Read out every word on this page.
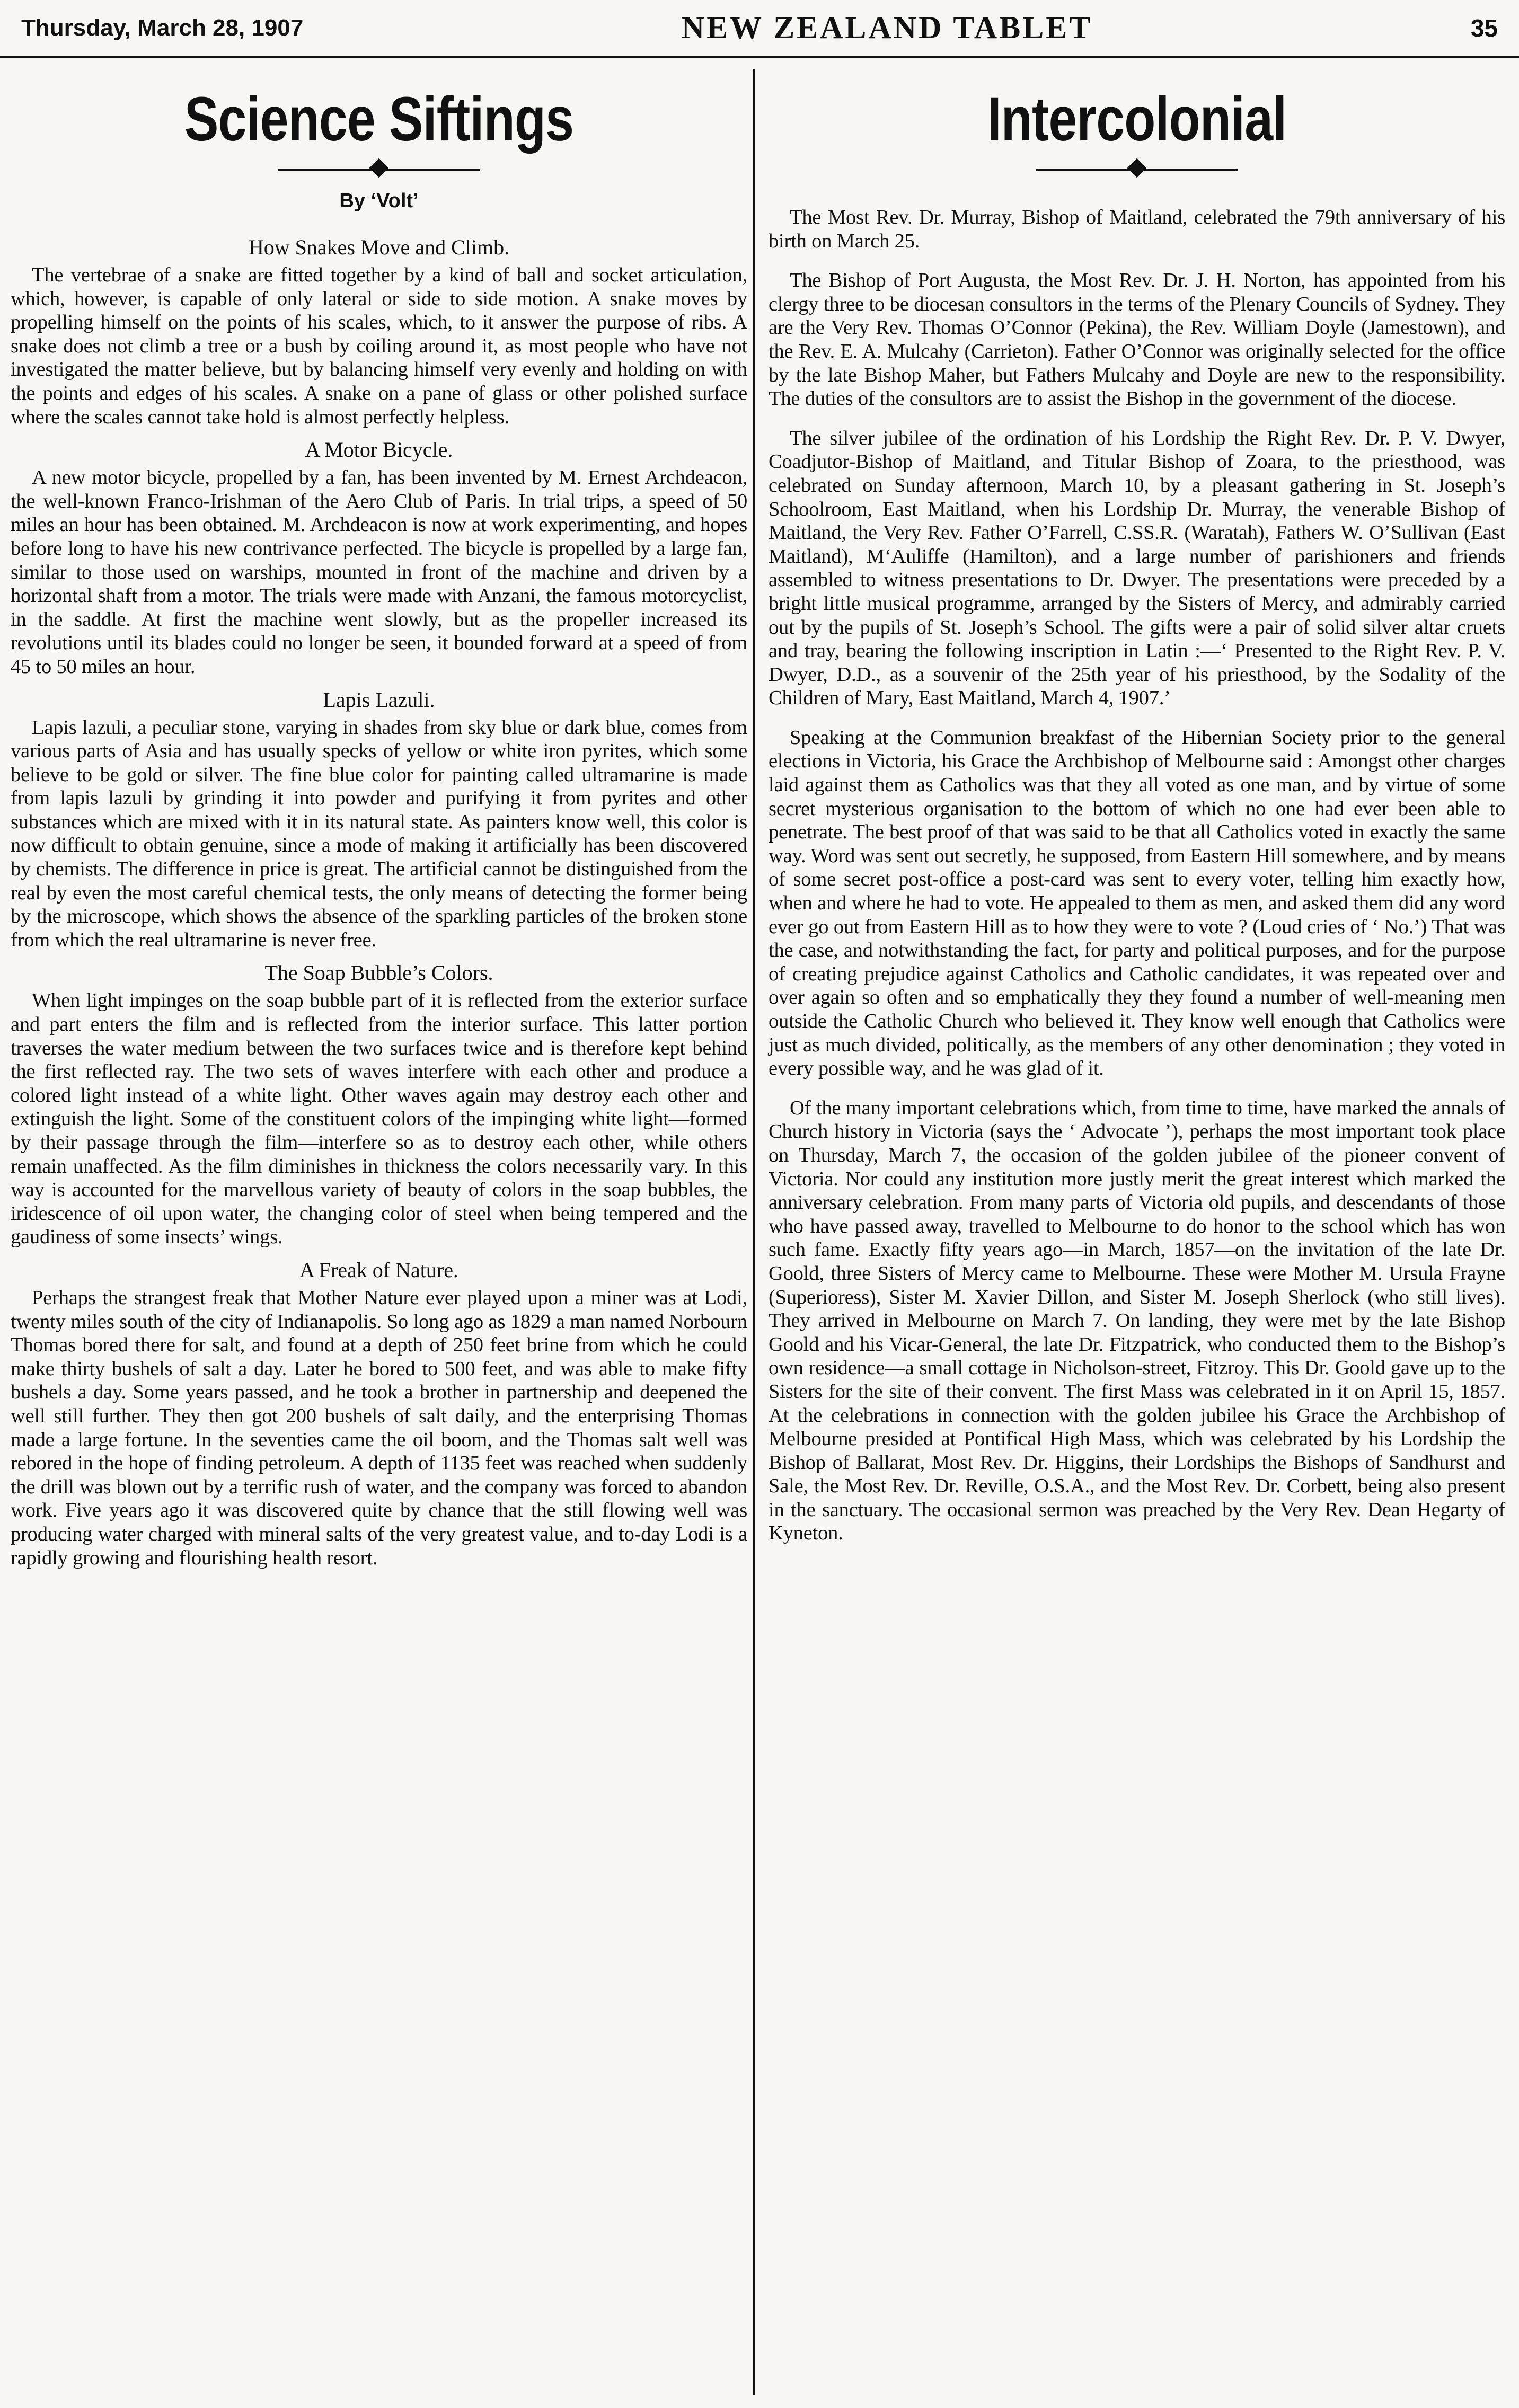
Thursday, March 28, 1907	NEW ZEALAND TABLET	35
Science Siftings
By ‘Volt’
How Snakes Move and Climb.

The vertebrae of a snake are fitted together by a kind of ball and socket articulation, which, however, is capable of only lateral or side to side motion. A snake moves by propelling himself on the points of his scales, which, to it answer the purpose of ribs. A snake does not climb a tree or a bush by coiling around it, as most people who have not investigated the matter believe, but by balancing himself very evenly and holding on with the points and edges of his scales. A snake on a pane of glass or other polished surface where the scales cannot take hold is almost perfectly helpless.

A Motor Bicycle.

A new motor bicycle, propelled by a fan, has been invented by M. Ernest Archdeacon, the well-known Franco-Irishman of the Aero Club of Paris. In trial trips, a speed of 50 miles an hour has been obtained. M. Archdeacon is now at work experimenting, and hopes before long to have his new contrivance perfected. The bicycle is propelled by a large fan, similar to those used on warships, mounted in front of the machine and driven by a horizontal shaft from a motor. The trials were made with Anzani, the famous motorcyclist, in the saddle. At first the machine went slowly, but as the propeller increased its revolutions until its blades could no longer be seen, it bounded forward at a speed of from 45 to 50 miles an hour.

Lapis Lazuli.

Lapis lazuli, a peculiar stone, varying in shades from sky blue or dark blue, comes from various parts of Asia and has usually specks of yellow or white iron pyrites, which some believe to be gold or silver. The fine blue color for painting called ultramarine is made from lapis lazuli by grinding it into powder and purifying it from pyrites and other substances which are mixed with it in its natural state. As painters know well, this color is now difficult to obtain genuine, since a mode of making it artificially has been discovered by chemists. The difference in price is great. The artificial cannot be distinguished from the real by even the most careful chemical tests, the only means of detecting the former being by the microscope, which shows the absence of the sparkling particles of the broken stone from which the real ultramarine is never free.

The Soap Bubble’s Colors.

When light impinges on the soap bubble part of it is reflected from the exterior surface and part enters the film and is reflected from the interior surface. This latter portion traverses the water medium between the two surfaces twice and is therefore kept behind the first reflected ray. The two sets of waves interfere with each other and produce a colored light instead of a white light. Other waves again may destroy each other and extinguish the light. Some of the constituent colors of the impinging white light—formed by their passage through the film—interfere so as to destroy each other, while others remain unaffected. As the film diminishes in thickness the colors necessarily vary. In this way is accounted for the marvellous variety of beauty of colors in the soap bubbles, the iridescence of oil upon water, the changing color of steel when being tempered and the gaudiness of some insects’ wings.

A Freak of Nature.

Perhaps the strangest freak that Mother Nature ever played upon a miner was at Lodi, twenty miles south of the city of Indianapolis. So long ago as 1829 a man named Norbourn Thomas bored there for salt, and found at a depth of 250 feet brine from which he could make thirty bushels of salt a day. Later he bored to 500 feet, and was able to make fifty bushels a day. Some years passed, and he took a brother in partnership and deepened the well still further. They then got 200 bushels of salt daily, and the enterprising Thomas made a large fortune. In the seventies came the oil boom, and the Thomas salt well was rebored in the hope of finding petroleum. A depth of 1135 feet was reached when suddenly the drill was blown out by a terrific rush of water, and the company was forced to abandon work. Five years ago it was discovered quite by chance that the still flowing well was producing water charged with mineral salts of the very greatest value, and to-day Lodi is a rapidly growing and flourishing health resort.

Intercolonial

The Most Rev. Dr. Murray, Bishop of Maitland, celebrated the 79th anniversary of his birth on March 25.

The Bishop of Port Augusta, the Most Rev. Dr. J. H. Norton, has appointed from his clergy three to be diocesan consultors in the terms of the Plenary Councils of Sydney. They are the Very Rev. Thomas O’Connor (Pekina), the Rev. William Doyle (Jamestown), and the Rev. E. A. Mulcahy (Carrieton). Father O’Connor was originally selected for the office by the late Bishop Maher, but Fathers Mulcahy and Doyle are new to the responsibility. The duties of the consultors are to assist the Bishop in the government of the diocese.

The silver jubilee of the ordination of his Lordship the Right Rev. Dr. P. V. Dwyer, Coadjutor-Bishop of Maitland, and Titular Bishop of Zoara, to the priesthood, was celebrated on Sunday afternoon, March 10, by a pleasant gathering in St. Joseph’s Schoolroom, East Maitland, when his Lordship Dr. Murray, the venerable Bishop of Maitland, the Very Rev. Father O’Farrell, C.SS.R. (Waratah), Fathers W. O’Sullivan (East Maitland), M‘Auliffe (Hamilton), and a large number of parishioners and friends assembled to witness presentations to Dr. Dwyer. The presentations were preceded by a bright little musical programme, arranged by the Sisters of Mercy, and admirably carried out by the pupils of St. Joseph’s School. The gifts were a pair of solid silver altar cruets and tray, bearing the following inscription in Latin :—‘ Presented to the Right Rev. P. V. Dwyer, D.D., as a souvenir of the 25th year of his priesthood, by the Sodality of the Children of Mary, East Maitland, March 4, 1907.’

Speaking at the Communion breakfast of the Hibernian Society prior to the general elections in Victoria, his Grace the Archbishop of Melbourne said : Amongst other charges laid against them as Catholics was that they all voted as one man, and by virtue of some secret mysterious organisation to the bottom of which no one had ever been able to penetrate. The best proof of that was said to be that all Catholics voted in exactly the same way. Word was sent out secretly, he supposed, from Eastern Hill somewhere, and by means of some secret post-office a post-card was sent to every voter, telling him exactly how, when and where he had to vote. He appealed to them as men, and asked them did any word ever go out from Eastern Hill as to how they were to vote ? (Loud cries of ‘ No.’) That was the case, and notwithstanding the fact, for party and political purposes, and for the purpose of creating prejudice against Catholics and Catholic candidates, it was repeated over and over again so often and so emphatically they they found a number of well-meaning men outside the Catholic Church who believed it. They know well enough that Catholics were just as much divided, politically, as the members of any other denomination ; they voted in every possible way, and he was glad of it.

Of the many important celebrations which, from time to time, have marked the annals of Church history in Victoria (says the ‘ Advocate ’), perhaps the most important took place on Thursday, March 7, the occasion of the golden jubilee of the pioneer convent of Victoria. Nor could any institution more justly merit the great interest which marked the anniversary celebration. From many parts of Victoria old pupils, and descendants of those who have passed away, travelled to Melbourne to do honor to the school which has won such fame. Exactly fifty years ago—in March, 1857—on the invitation of the late Dr. Goold, three Sisters of Mercy came to Melbourne. These were Mother M. Ursula Frayne (Superioress), Sister M. Xavier Dillon, and Sister M. Joseph Sherlock (who still lives). They arrived in Melbourne on March 7. On landing, they were met by the late Bishop Goold and his Vicar-General, the late Dr. Fitzpatrick, who conducted them to the Bishop’s own residence—a small cottage in Nicholson-street, Fitzroy. This Dr. Goold gave up to the Sisters for the site of their convent. The first Mass was celebrated in it on April 15, 1857. At the celebrations in connection with the golden jubilee his Grace the Archbishop of Melbourne presided at Pontifical High Mass, which was celebrated by his Lordship the Bishop of Ballarat, Most Rev. Dr. Higgins, their Lordships the Bishops of Sandhurst and Sale, the Most Rev. Dr. Reville, O.S.A., and the Most Rev. Dr. Corbett, being also present in the sanctuary. The occasional sermon was preached by the Very Rev. Dean Hegarty of Kyneton.
